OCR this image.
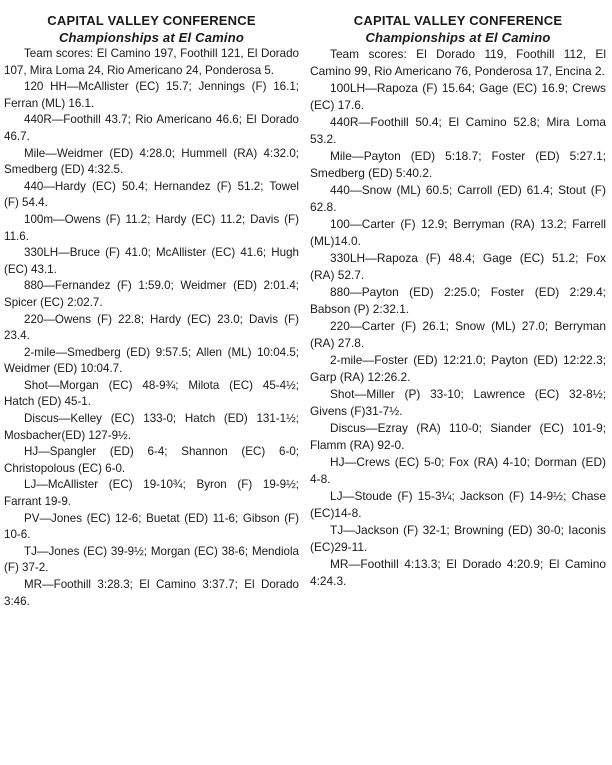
CAPITAL VALLEY CONFERENCE
Championships at El Camino

Team scores: El Camino 197, Foothill 121, El Dorado 107, Mira Loma 24, Rio Americano 24, Ponderosa 5.

120 HH—McAllister (EC) 15.7; Jennings (F) 16.1; Ferran (ML) 16.1.

440R—Foothill 43.7; Rio Americano 46.6; El Dorado 46.7.

Mile—Weidmer (ED) 4:28.0; Hummell (RA) 4:32.0; Smedberg (ED) 4:32.5.

440—Hardy (EC) 50.4; Hernandez (F) 51.2; Towel (F) 54.4.

100m—Owens (F) 11.2; Hardy (EC) 11.2; Davis (F) 11.6.

330LH—Bruce (F) 41.0; McAllister (EC) 41.6; Hugh (EC) 43.1.

880—Fernandez (F) 1:59.0; Weidmer (ED) 2:01.4; Spicer (EC) 2:02.7.

220—Owens (F) 22.8; Hardy (EC) 23.0; Davis (F) 23.4.

2-mile—Smedberg (ED) 9:57.5; Allen (ML) 10:04.5; Weidmer (ED) 10:04.7.

Shot—Morgan (EC) 48-9¾; Milota (EC) 45-4½; Hatch (ED) 45-1.

Discus—Kelley (EC) 133-0; Hatch (ED) 131-1½; Mosbacher(ED) 127-9½.

HJ—Spangler (ED) 6-4; Shannon (EC) 6-0; Christopolous (EC) 6-0.

LJ—McAllister (EC) 19-10¾; Byron (F) 19-9½; Farrant 19-9.

PV—Jones (EC) 12-6; Buetat (ED) 11-6; Gibson (F) 10-6.

TJ—Jones (EC) 39-9½; Morgan (EC) 38-6; Mendiola (F) 37-2.

MR—Foothill 3:28.3; El Camino 3:37.7; El Dorado 3:46.

CAPITAL VALLEY CONFERENCE
Championships at El Camino

Team scores: El Dorado 119, Foothill 112, El Camino 99, Rio Americano 76, Ponderosa 17, Encina 2.

100LH—Rapoza (F) 15.64; Gage (EC) 16.9; Crews (EC) 17.6.

440R—Foothill 50.4; El Camino 52.8; Mira Loma 53.2.

Mile—Payton (ED) 5:18.7; Foster (ED) 5:27.1; Smedberg (ED) 5:40.2.

440—Snow (ML) 60.5; Carroll (ED) 61.4; Stout (F) 62.8.

100—Carter (F) 12.9; Berryman (RA) 13.2; Farrell (ML)14.0.

330LH—Rapoza (F) 48.4; Gage (EC) 51.2; Fox (RA) 52.7.

880—Payton (ED) 2:25.0; Foster (ED) 2:29.4; Babson (P) 2:32.1.

220—Carter (F) 26.1; Snow (ML) 27.0; Berryman (RA) 27.8.

2-mile—Foster (ED) 12:21.0; Payton (ED) 12:22.3; Garp (RA) 12:26.2.

Shot—Miller (P) 33-10; Lawrence (EC) 32-8½; Givens (F)31-7½.

Discus—Ezray (RA) 110-0; Siander (EC) 101-9; Flamm (RA) 92-0.

HJ—Crews (EC) 5-0; Fox (RA) 4-10; Dorman (ED) 4-8.

LJ—Stoude (F) 15-3¼; Jackson (F) 14-9½; Chase (EC)14-8.

TJ—Jackson (F) 32-1; Browning (ED) 30-0; Iaconis (EC)29-11.

MR—Foothill 4:13.3; El Dorado 4:20.9; El Camino 4:24.3.
